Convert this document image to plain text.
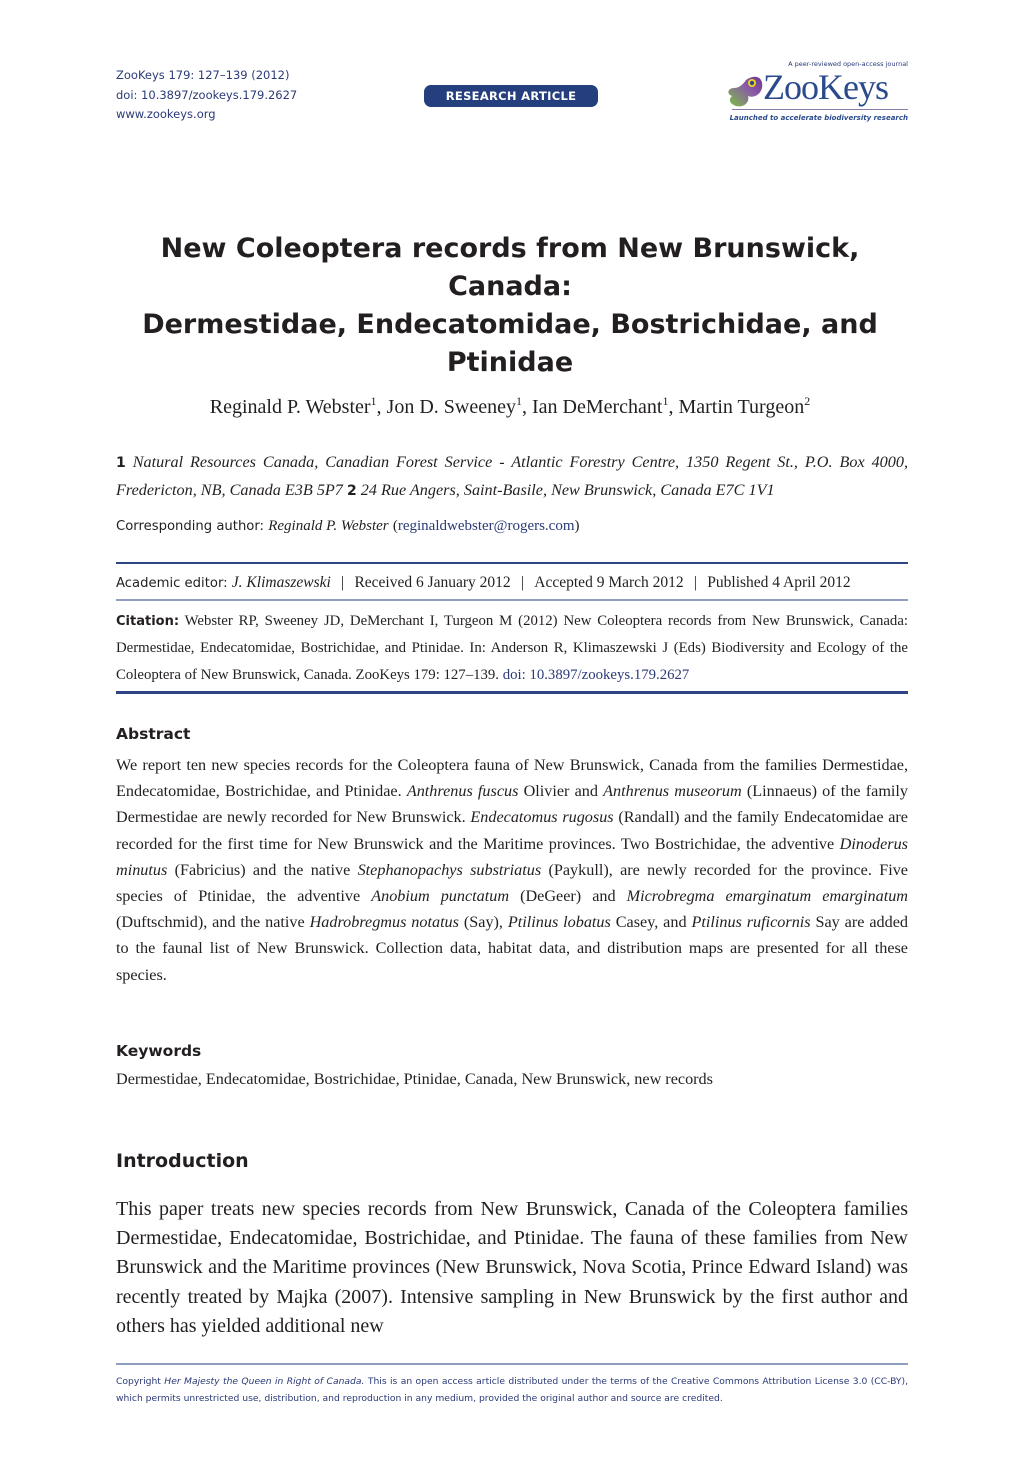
ZooKeys 179: 127–139 (2012)
doi: 10.3897/zookeys.179.2627
www.zookeys.org
RESEARCH ARTICLE
A peer-reviewed open-access journal
ZooKeys
Launched to accelerate biodiversity research
New Coleoptera records from New Brunswick, Canada:
Dermestidae, Endecatomidae, Bostrichidae, and
Ptinidae
Reginald P. Webster$^1$, Jon D. Sweeney$^1$, Ian DeMerchant$^1$, Martin Turgeon$^2$
1 Natural Resources Canada, Canadian Forest Service - Atlantic Forestry Centre, 1350 Regent St., P.O. Box 4000, Fredericton, NB, Canada E3B 5P7 2 24 Rue Angers, Saint-Basile, New Brunswick, Canada E7C 1V1
Corresponding author: Reginald P. Webster (reginaldwebster@rogers.com)
Academic editor: J. Klimaszewski | Received 6 January 2012 | Accepted 9 March 2012 | Published 4 April 2012
Citation: Webster RP, Sweeney JD, DeMerchant I, Turgeon M (2012) New Coleoptera records from New Brunswick, Canada: Dermestidae, Endecatomidae, Bostrichidae, and Ptinidae. In: Anderson R, Klimaszewski J (Eds) Biodiversity and Ecology of the Coleoptera of New Brunswick, Canada. ZooKeys 179: 127–139. doi: 10.3897/zookeys.179.2627
Abstract
We report ten new species records for the Coleoptera fauna of New Brunswick, Canada from the families Dermestidae, Endecatomidae, Bostrichidae, and Ptinidae. Anthrenus fuscus Olivier and Anthrenus museorum (Linnaeus) of the family Dermestidae are newly recorded for New Brunswick. Endecatomus rugosus (Randall) and the family Endecatomidae are recorded for the first time for New Brunswick and the Maritime provinces. Two Bostrichidae, the adventive Dinoderus minutus (Fabricius) and the native Stephanopachys substriatus (Paykull), are newly recorded for the province. Five species of Ptinidae, the adventive Anobium punctatum (DeGeer) and Microbregma emarginatum emarginatum (Duftschmid), and the native Hadrobregmus notatus (Say), Ptilinus lobatus Casey, and Ptilinus ruficornis Say are added to the faunal list of New Brunswick. Collection data, habitat data, and distribution maps are presented for all these species.
Keywords
Dermestidae, Endecatomidae, Bostrichidae, Ptinidae, Canada, New Brunswick, new records
Introduction
This paper treats new species records from New Brunswick, Canada of the Coleoptera families Dermestidae, Endecatomidae, Bostrichidae, and Ptinidae. The fauna of these families from New Brunswick and the Maritime provinces (New Brunswick, Nova Scotia, Prince Edward Island) was recently treated by Majka (2007). Intensive sampling in New Brunswick by the first author and others has yielded additional new
Copyright Her Majesty the Queen in Right of Canada. This is an open access article distributed under the terms of the Creative Commons Attribution License 3.0 (CC-BY), which permits unrestricted use, distribution, and reproduction in any medium, provided the original author and source are credited.
